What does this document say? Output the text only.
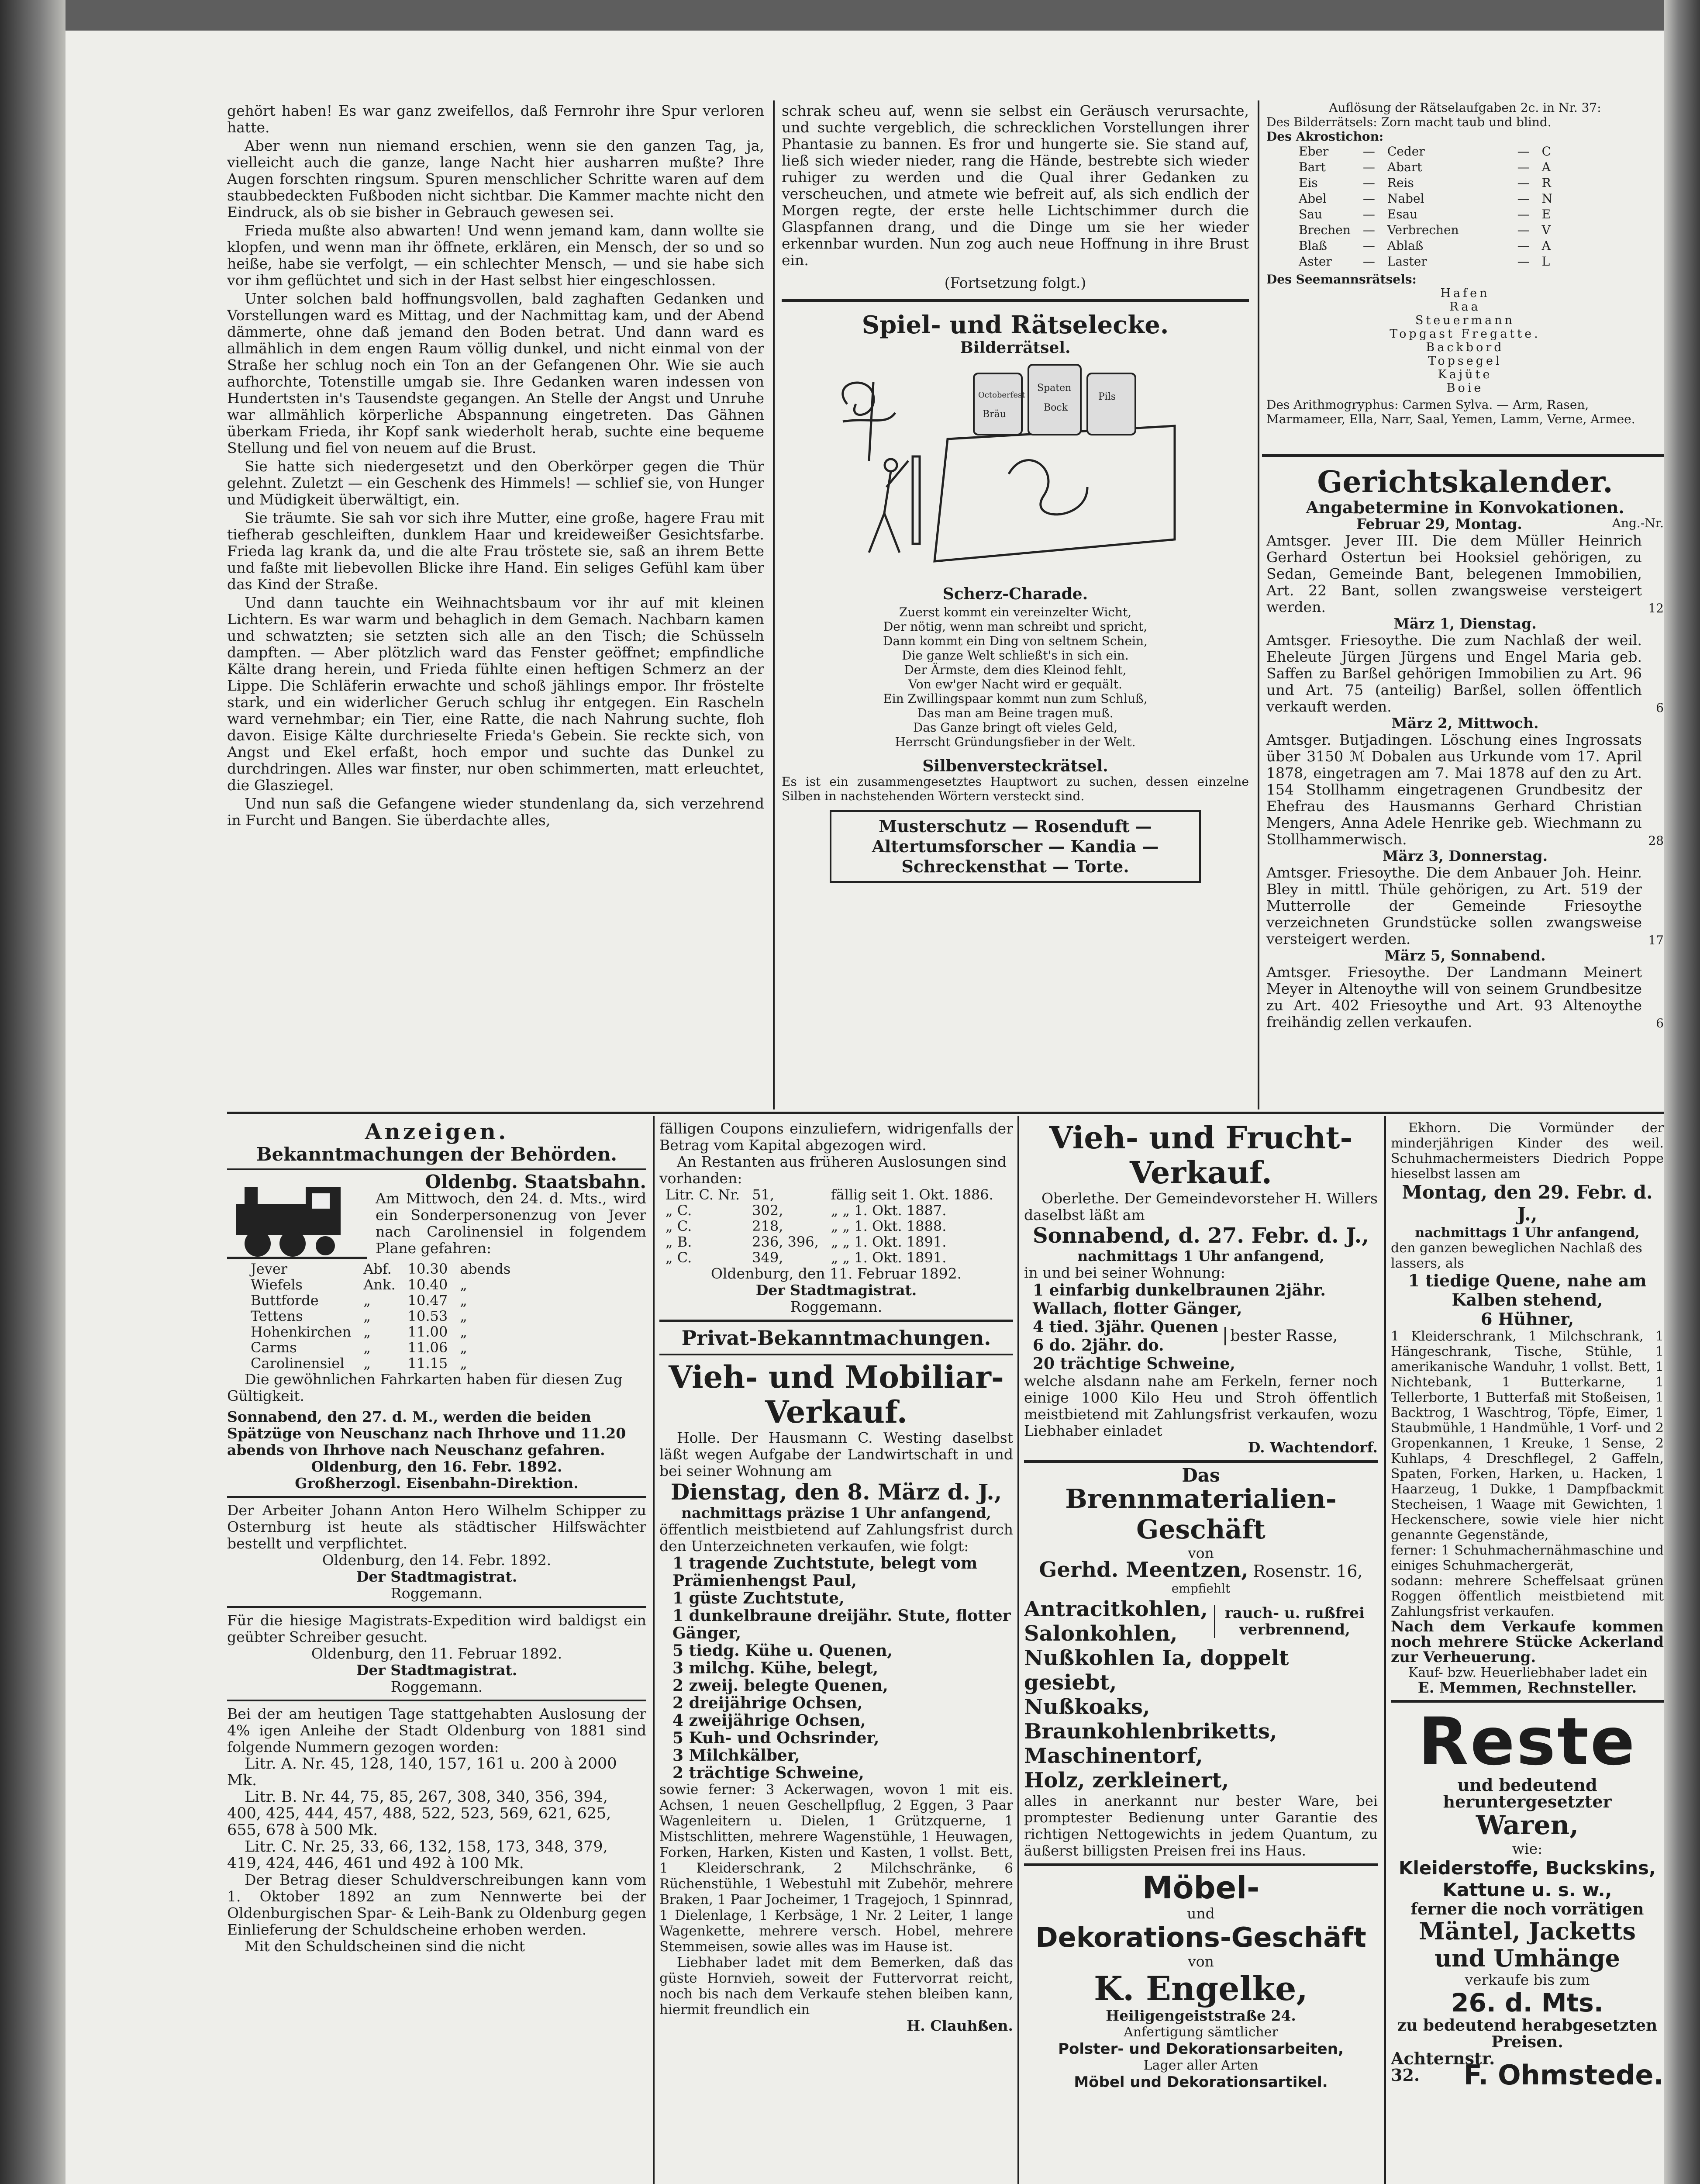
gehört haben! Es war ganz zweifellos, daß Fernrohr ihre Spur verloren hatte.

Aber wenn nun niemand erschien, wenn sie den ganzen Tag, ja, vielleicht auch die ganze, lange Nacht hier ausharren mußte? Ihre Augen forschten ringsum. Spuren menschlicher Schritte waren auf dem staubbedeckten Fußboden nicht sichtbar. Die Kammer machte nicht den Eindruck, als ob sie bisher in Gebrauch gewesen sei.

Frieda mußte also abwarten! Und wenn jemand kam, dann wollte sie klopfen, und wenn man ihr öffnete, erklären, ein Mensch, der so und so heiße, habe sie verfolgt, — ein schlechter Mensch, — und sie habe sich vor ihm geflüchtet und sich in der Hast selbst hier eingeschlossen.

Unter solchen bald hoffnungsvollen, bald zaghaften Gedanken und Vorstellungen ward es Mittag, und der Nachmittag kam, und der Abend dämmerte, ohne daß jemand den Boden betrat. Und dann ward es allmählich in dem engen Raum völlig dunkel, und nicht einmal von der Straße her schlug noch ein Ton an der Gefangenen Ohr. Wie sie auch aufhorchte, Totenstille umgab sie. Ihre Gedanken waren indessen von Hundertsten in's Tausendste gegangen. An Stelle der Angst und Unruhe war allmählich körperliche Abspannung eingetreten. Das Gähnen überkam Frieda, ihr Kopf sank wiederholt herab, suchte eine bequeme Stellung und fiel von neuem auf die Brust.

Sie hatte sich niedergesetzt und den Oberkörper gegen die Thür gelehnt. Zuletzt — ein Geschenk des Himmels! — schlief sie, von Hunger und Müdigkeit überwältigt, ein.

Sie träumte. Sie sah vor sich ihre Mutter, eine große, hagere Frau mit tiefherab geschleiften, dunklem Haar und kreideweißer Gesichtsfarbe. Frieda lag krank da, und die alte Frau tröstete sie, saß an ihrem Bette und faßte mit liebevollen Blicke ihre Hand. Ein seliges Gefühl kam über das Kind der Straße.

Und dann tauchte ein Weihnachtsbaum vor ihr auf mit kleinen Lichtern. Es war warm und behaglich in dem Gemach. Nachbarn kamen und schwatzten; sie setzten sich alle an den Tisch; die Schüsseln dampften. — Aber plötzlich ward das Fenster geöffnet; empfindliche Kälte drang herein, und Frieda fühlte einen heftigen Schmerz an der Lippe. Die Schläferin erwachte und schoß jählings empor. Ihr fröstelte stark, und ein widerlicher Geruch schlug ihr entgegen. Ein Rascheln ward vernehmbar; ein Tier, eine Ratte, die nach Nahrung suchte, floh davon. Eisige Kälte durchrieselte Frieda's Gebein. Sie reckte sich, von Angst und Ekel erfaßt, hoch empor und suchte das Dunkel zu durchdringen. Alles war finster, nur oben schimmerten, matt erleuchtet, die Glasziegel.

Und nun saß die Gefangene wieder stundenlang da, sich verzehrend in Furcht und Bangen. Sie überdachte alles,

schrak scheu auf, wenn sie selbst ein Geräusch verursachte, und suchte vergeblich, die schrecklichen Vorstellungen ihrer Phantasie zu bannen. Es fror und hungerte sie. Sie stand auf, ließ sich wieder nieder, rang die Hände, bestrebte sich wieder ruhiger zu werden und die Qual ihrer Gedanken zu verscheuchen, und atmete wie befreit auf, als sich endlich der Morgen regte, der erste helle Lichtschimmer durch die Glaspfannen drang, und die Dinge um sie her wieder erkennbar wurden. Nun zog auch neue Hoffnung in ihre Brust ein.

(Fortsetzung folgt.)
Spiel- und Rätselecke.
Bilderrätsel.
Octoberfest
Spaten
Bock
Pils
Bräu
Scherz-Charade.
Zuerst kommt ein vereinzelter Wicht,
Der nötig, wenn man schreibt und spricht,
Dann kommt ein Ding von seltnem Schein,
Die ganze Welt schließt's in sich ein.
Der Ärmste, dem dies Kleinod fehlt,
Von ew'ger Nacht wird er gequält.
Ein Zwillingspaar kommt nun zum Schluß,
Das man am Beine tragen muß.
Das Ganze bringt oft vieles Geld,
Herrscht Gründungsfieber in der Welt.
Silbenversteckrätsel.
Es ist ein zusammengesetztes Hauptwort zu suchen, dessen einzelne Silben in nachstehenden Wörtern versteckt sind.
Musterschutz — Rosenduft —
Altertumsforscher — Kandia —
Schreckensthat — Torte.
Auflösung der Rätselaufgaben 2c. in Nr. 37:
Des Bilderrätsels: Zorn macht taub und blind.
Des Akrostichon:
Eber	—	Ceder	—	C
Bart	—	Abart	—	A
Eis	—	Reis	—	R
Abel	—	Nabel	—	N
Sau	—	Esau	—	E
Brechen	—	Verbrechen	—	V
Blaß	—	Ablaß	—	A
Aster	—	Laster	—	L
Des Seemannsrätsels:
Hafen
Raa
Steuermann
Topgast Fregatte.
Backbord
Topsegel
Kajüte
Boie
Des Arithmogryphus: Carmen Sylva. — Arm, Rasen, Marmameer, Ella, Narr, Saal, Yemen, Lamm, Verne, Armee.
Gerichtskalender.
Angabetermine in Konvokationen.
Februar 29, Montag.	Ang.-Nr.
Amtsger. Jever III. Die dem Müller Heinrich Gerhard Ostertun bei Hooksiel gehörigen, zu Sedan, Gemeinde Bant, belegenen Immobilien, Art. 22 Bant, sollen zwangsweise versteigert werden.	12
März 1, Dienstag.
Amtsger. Friesoythe. Die zum Nachlaß der weil. Eheleute Jürgen Jürgens und Engel Maria geb. Saffen zu Barßel gehörigen Immobilien zu Art. 96 und Art. 75 (anteilig) Barßel, sollen öffentlich verkauft werden.	6
März 2, Mittwoch.
Amtsger. Butjadingen. Löschung eines Ingrossats über 3150 ℳ Dobalen aus Urkunde vom 17. April 1878, eingetragen am 7. Mai 1878 auf den zu Art. 154 Stollhamm eingetragenen Grundbesitz der Ehefrau des Hausmanns Gerhard Christian Mengers, Anna Adele Henrike geb. Wiechmann zu Stollhammerwisch.	28
März 3, Donnerstag.
Amtsger. Friesoythe. Die dem Anbauer Joh. Heinr. Bley in mittl. Thüle gehörigen, zu Art. 519 der Mutterrolle der Gemeinde Friesoythe verzeichneten Grundstücke sollen zwangsweise versteigert werden.	17
März 5, Sonnabend.
Amtsger. Friesoythe. Der Landmann Meinert Meyer in Altenoythe will von seinem Grundbesitze zu Art. 402 Friesoythe und Art. 93 Altenoythe freihändig zellen verkaufen.	6
Anzeigen.
Bekanntmachungen der Behörden.
Oldenbg. Staatsbahn.
Am Mittwoch, den 24. d. Mts., wird ein Sonderpersonenzug von Jever nach Carolinensiel in folgendem Plane gefahren:
Jever	Abf.	10.30	abends
Wiefels	Ank.	10.40	„
Buttforde	„	10.47	„
Tettens	„	10.53	„
Hohenkirchen	„	11.00	„
Carms	„	11.06	„
Carolinensiel	„	11.15	„
Die gewöhnlichen Fahrkarten haben für diesen Zug Gültigkeit.
Sonnabend, den 27. d. M., werden die beiden Spätzüge von Neuschanz nach Ihrhove und 11.20 abends von Ihrhove nach Neuschanz gefahren.
Oldenburg, den 16. Febr. 1892.
Großherzogl. Eisenbahn-Direktion.
Der Arbeiter Johann Anton Hero Wilhelm Schipper zu Osternburg ist heute als städtischer Hilfswächter bestellt und verpflichtet.
Oldenburg, den 14. Febr. 1892.
Der Stadtmagistrat.
Roggemann.
Für die hiesige Magistrats-Expedition wird baldigst ein geübter Schreiber gesucht.
Oldenburg, den 11. Februar 1892.
Der Stadtmagistrat.
Roggemann.
Bei der am heutigen Tage stattgehabten Auslosung der 4% igen Anleihe der Stadt Oldenburg von 1881 sind folgende Nummern gezogen worden:
Litr. A. Nr. 45, 128, 140, 157, 161 u. 200 à 2000 Mk.
Litr. B. Nr. 44, 75, 85, 267, 308, 340, 356, 394, 400, 425, 444, 457, 488, 522, 523, 569, 621, 625, 655, 678 à 500 Mk.
Litr. C. Nr. 25, 33, 66, 132, 158, 173, 348, 379, 419, 424, 446, 461 und 492 à 100 Mk.
Der Betrag dieser Schuldverschreibungen kann vom 1. Oktober 1892 an zum Nennwerte bei der Oldenburgischen Spar- & Leih-Bank zu Oldenburg gegen Einlieferung der Schuldscheine erhoben werden.
Mit den Schuldscheinen sind die nicht
fälligen Coupons einzuliefern, widrigenfalls der Betrag vom Kapital abgezogen wird.
An Restanten aus früheren Auslosungen sind vorhanden:
Litr. C. Nr.	51,	fällig seit 1. Okt. 1886.
„ C.	302,	„ „ 1. Okt. 1887.
„ C.	218,	„ „ 1. Okt. 1888.
„ B.	236, 396,	„ „ 1. Okt. 1891.
„ C.	349,	„ „ 1. Okt. 1891.
Oldenburg, den 11. Februar 1892.
Der Stadtmagistrat.
Roggemann.
Privat-Bekanntmachungen.
Vieh- und Mobiliar-Verkauf.
Holle. Der Hausmann C. Westing daselbst läßt wegen Aufgabe der Landwirtschaft in und bei seiner Wohnung am
Dienstag, den 8. März d. J.,
nachmittags präzise 1 Uhr anfangend,
öffentlich meistbietend auf Zahlungsfrist durch den Unterzeichneten verkaufen, wie folgt:
1 tragende Zuchtstute, belegt vom Prämienhengst Paul,
1 güste Zuchtstute,
1 dunkelbraune dreijähr. Stute, flotter Gänger,
5 tiedg. Kühe u. Quenen,
3 milchg. Kühe, belegt,
2 zweij. belegte Quenen,
2 dreijährige Ochsen,
4 zweijährige Ochsen,
5 Kuh- und Ochsrinder,
3 Milchkälber,
2 trächtige Schweine,
sowie ferner: 3 Ackerwagen, wovon 1 mit eis. Achsen, 1 neuen Geschellpflug, 2 Eggen, 3 Paar Wagenleitern u. Dielen, 1 Grützquerne, 1 Mistschlitten, mehrere Wagenstühle, 1 Heuwagen, Forken, Harken, Kisten und Kasten, 1 vollst. Bett, 1 Kleiderschrank, 2 Milchschränke, 6 Rüchenstühle, 1 Webestuhl mit Zubehör, mehrere Braken, 1 Paar Jocheimer, 1 Tragejoch, 1 Spinnrad, 1 Dielenlage, 1 Kerbsäge, 1 Nr. 2 Leiter, 1 lange Wagenkette, mehrere versch. Hobel, mehrere Stemmeisen, sowie alles was im Hause ist.
Liebhaber ladet mit dem Bemerken, daß das güste Hornvieh, soweit der Futtervorrat reicht, noch bis nach dem Verkaufe stehen bleiben kann, hiermit freundlich ein
H. Clauhßen.
Vieh- und Frucht-Verkauf.
Oberlethe. Der Gemeindevorsteher H. Willers daselbst läßt am
Sonnabend, d. 27. Febr. d. J.,
nachmittags 1 Uhr anfangend,
in und bei seiner Wohnung:
1 einfarbig dunkelbraunen 2jähr. Wallach, flotter Gänger,
4 tied. 3jähr. Quenen
6 do. 2jähr. do.
bester Rasse,
20 trächtige Schweine,
welche alsdann nahe am Ferkeln, ferner noch einige 1000 Kilo Heu und Stroh öffentlich meistbietend mit Zahlungsfrist verkaufen, wozu Liebhaber einladet
D. Wachtendorf.
Das
Brennmaterialien-Geschäft
von
Gerhd. Meentzen, Rosenstr. 16,
empfiehlt
Antracitkohlen,
Salonkohlen,
rauch- u. rußfrei verbrennend,
Nußkohlen Ia, doppelt gesiebt,
Nußkoaks,
Braunkohlenbriketts,
Maschinentorf,
Holz, zerkleinert,
alles in anerkannt nur bester Ware, bei promptester Bedienung unter Garantie des richtigen Nettogewichts in jedem Quantum, zu äußerst billigsten Preisen frei ins Haus.
Möbel-
und
Dekorations-Geschäft
von
K. Engelke,
Heiligengeiststraße 24.
Anfertigung sämtlicher
Polster- und Dekorationsarbeiten,
Lager aller Arten
Möbel und Dekorationsartikel.
Ekhorn. Die Vormünder der minderjährigen Kinder des weil. Schuhmachermeisters Diedrich Poppe hieselbst lassen am
Montag, den 29. Febr. d. J.,
nachmittags 1 Uhr anfangend,
den ganzen beweglichen Nachlaß des
lassers, als
1 tiedige Quene, nahe am Kalben stehend,
6 Hühner,
1 Kleiderschrank, 1 Milchschrank, 1 Hängeschrank, Tische, Stühle, 1 amerikanische Wanduhr, 1 vollst. Bett, 1 Nichtebank, 1 Butterkarne, 1 Tellerborte, 1 Butterfaß mit Stoßeisen, 1 Backtrog, 1 Waschtrog, Töpfe, Eimer, 1 Staubmühle, 1 Handmühle, 1 Vorf- und 2 Gropenkannen, 1 Kreuke, 1 Sense, 2 Kuhlaps, 4 Dreschflegel, 2 Gaffeln, Spaten, Forken, Harken, u. Hacken, 1 Haarzeug, 1 Dukke, 1 Dampfbackmit Stecheisen, 1 Waage mit Gewichten, 1 Heckenschere, sowie viele hier nicht genannte Gegenstände,
ferner: 1 Schuhmachernähmaschine und einiges Schuhmachergerät,
sodann: mehrere Scheffelsaat grünen Roggen öffentlich meistbietend mit Zahlungsfrist verkaufen.
Nach dem Verkaufe kommen noch mehrere Stücke Ackerland zur Verheuerung.
Kauf- bzw. Heuerliebhaber ladet ein
E. Memmen, Rechnsteller.
Reste
und bedeutend heruntergesetzter
Waren,
wie:
Kleiderstoffe, Buckskins,
Kattune u. s. w.,
ferner die noch vorrätigen
Mäntel, Jacketts
und Umhänge
verkaufe bis zum
26. d. Mts.
zu bedeutend herabgesetzten Preisen.
Achternstr. 32.	F. Ohmstede.
